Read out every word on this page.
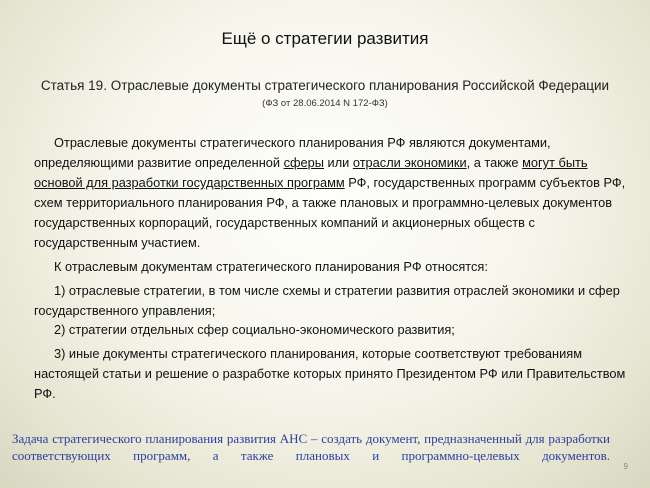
Ещё о стратегии развития
Статья 19. Отраслевые документы стратегического планирования Российской Федерации
(ФЗ от 28.06.2014 N 172-ФЗ)
Отраслевые документы стратегического планирования РФ являются документами, определяющими развитие определенной сферы или отрасли экономики, а также могут быть основой для разработки государственных программ РФ, государственных программ субъектов РФ, схем территориального планирования РФ, а также плановых и программно-целевых документов государственных корпораций, государственных компаний и акционерных обществ с государственным участием.
К отраслевым документам стратегического планирования РФ относятся:
1) отраслевые стратегии, в том числе схемы и стратегии развития отраслей экономики и сфер государственного управления;
2) стратегии отдельных сфер социально-экономического развития;
3) иные документы стратегического планирования, которые соответствуют требованиям настоящей статьи и решение о разработке которых принято Президентом РФ или Правительством РФ.
Задача стратегического планирования развития АНС – создать документ, предназначенный для разработки соответствующих программ, а также плановых и программно-целевых документов.
9
